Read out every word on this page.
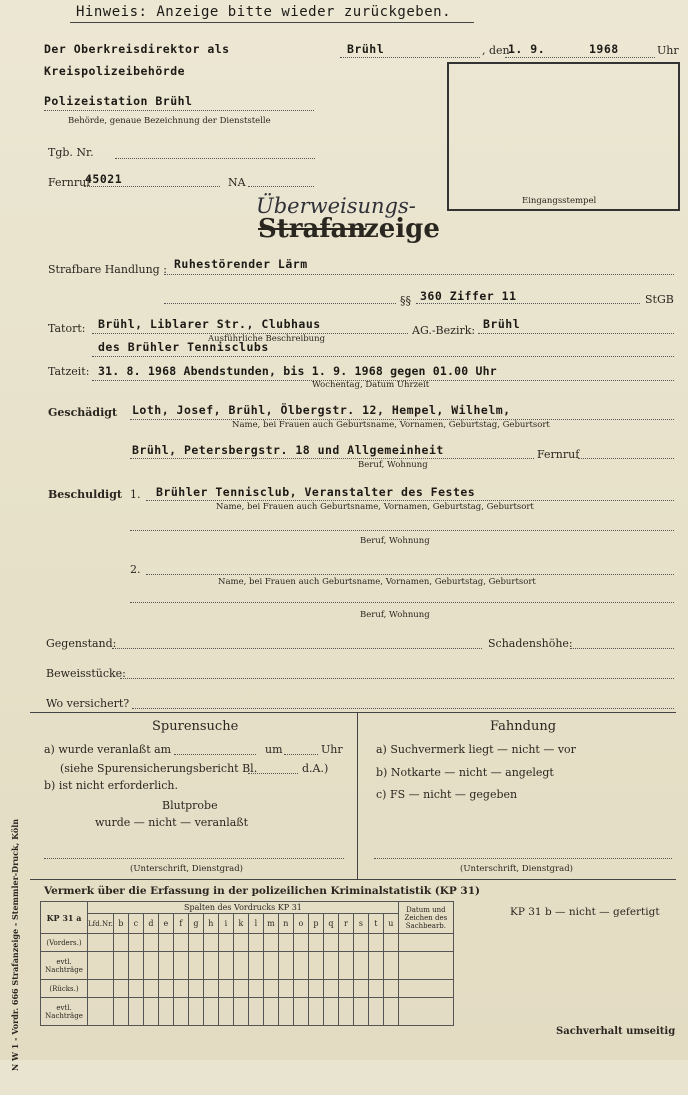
Hinweis: Anzeige bitte wieder zurückgeben.
Der Oberkreisdirektor als
Kreispolizeibehörde
Polizeistation Brühl
Behörde, genaue Bezeichnung der Dienststelle
Brühl	, den
1. 9.	1968	Uhr
Eingangsstempel
Tgb. Nr.
Fernruf
45021	NA
Überweisungs-
Strafan
zeige
Strafbare Handlung : Ruhestörender Lärm
§§ 360 Ziffer 11	StGB
Tatort: Brühl, Liblarer Str., Clubhaus
Ausführliche Beschreibung
AG.-Bezirk: Brühl
des Brühler Tennisclubs
Tatzeit: 31. 8. 1968 Abendstunden, bis 1. 9. 1968 gegen 01.00 Uhr
Wochentag, Datum Uhrzeit
Geschädigt Loth, Josef, Brühl, Ölbergstr. 12, Hempel, Wilhelm,
Name, bei Frauen auch Geburtsname, Vornamen, Geburtstag, Geburtsort
Brühl, Petersbergstr. 18 und Allgemeinheit	Fernruf
Beruf, Wohnung
Beschuldigt 1. Brühler Tennisclub, Veranstalter des Festes
Name, bei Frauen auch Geburtsname, Vornamen, Geburtstag, Geburtsort
Beruf, Wohnung
2.
Name, bei Frauen auch Geburtsname, Vornamen, Geburtstag, Geburtsort
Beruf, Wohnung
Gegenstand:	Schadenshöhe:
Beweisstücke:
Wo versichert?
Spurensuche
a) wurde veranlaßt am	um	Uhr
(siehe Spurensicherungsbericht Bl.	d.A.)
b) ist nicht erforderlich.
Blutprobe
wurde — nicht — veranlaßt
(Unterschrift, Dienstgrad)
Fahndung
a) Suchvermerk liegt — nicht — vor
b) Notkarte — nicht — angelegt
c) FS — nicht — gegeben
(Unterschrift, Dienstgrad)
Vermerk über die Erfassung in der polizeilichen Kriminalstatistik (KP 31)
KP 31 a	Spalten des Vordrucks KP 31																				Datum und Zeichen des Sachbearb.
	Lfd.Nr.	b	c	d	e	f	g	h	i	k	l	m	n	o	p	q	r	s	t	u	
(Vorders.)																					
evtl. Nachträge																					
(Rücks.)																					
evtl. Nachträge																					
KP 31 b — nicht — gefertigt
Sachverhalt umseitig
N W 1 - Vordr. 666 Strafanzeige - Stemmler-Druck, Köln
